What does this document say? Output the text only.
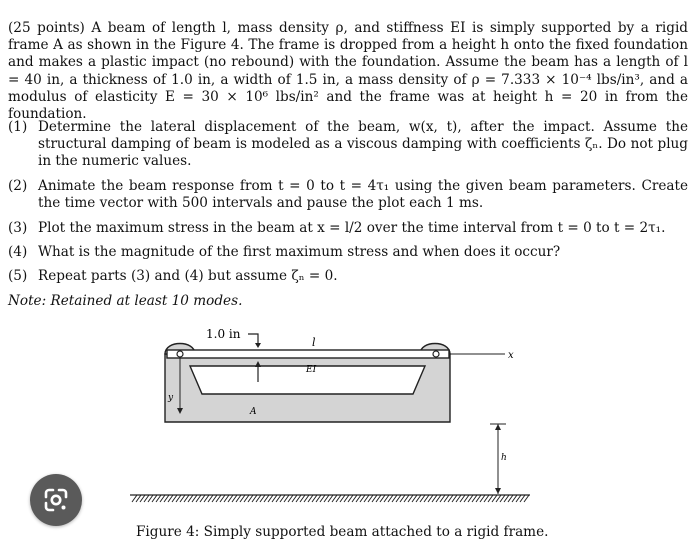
(25 points) A beam of length l, mass density ρ, and stiffness EI is simply supported by a rigid frame A as shown in the Figure 4. The frame is dropped from a height h onto the fixed foundation and makes a plastic impact (no rebound) with the foundation. Assume the beam has a length of l = 40 in, a thickness of 1.0 in, a width of 1.5 in, a mass density of ρ = 7.333 × 10⁻⁴ lbs/in³, and a modulus of elasticity E = 30 × 10⁶ lbs/in² and the frame was at height h = 20 in from the foundation.

(1) Determine the lateral displacement of the beam, w(x, t), after the impact. Assume the structural damping of beam is modeled as a viscous damping with coefficients ζₙ. Do not plug in the numeric values.
(2) Animate the beam response from t = 0 to t = 4τ₁ using the given beam parameters. Create the time vector with 500 intervals and pause the plot each 1 ms.
(3) Plot the maximum stress in the beam at x = l/2 over the time interval from t = 0 to t = 2τ₁.
(4) What is the magnitude of the first maximum stress and when does it occur?
(5) Repeat parts (3) and (4) but assume ζₙ = 0.
Note: Retained at least 10 modes.
x
y
1.0 in
l
EI
A
h
Figure 4: Simply supported beam attached to a rigid frame.
